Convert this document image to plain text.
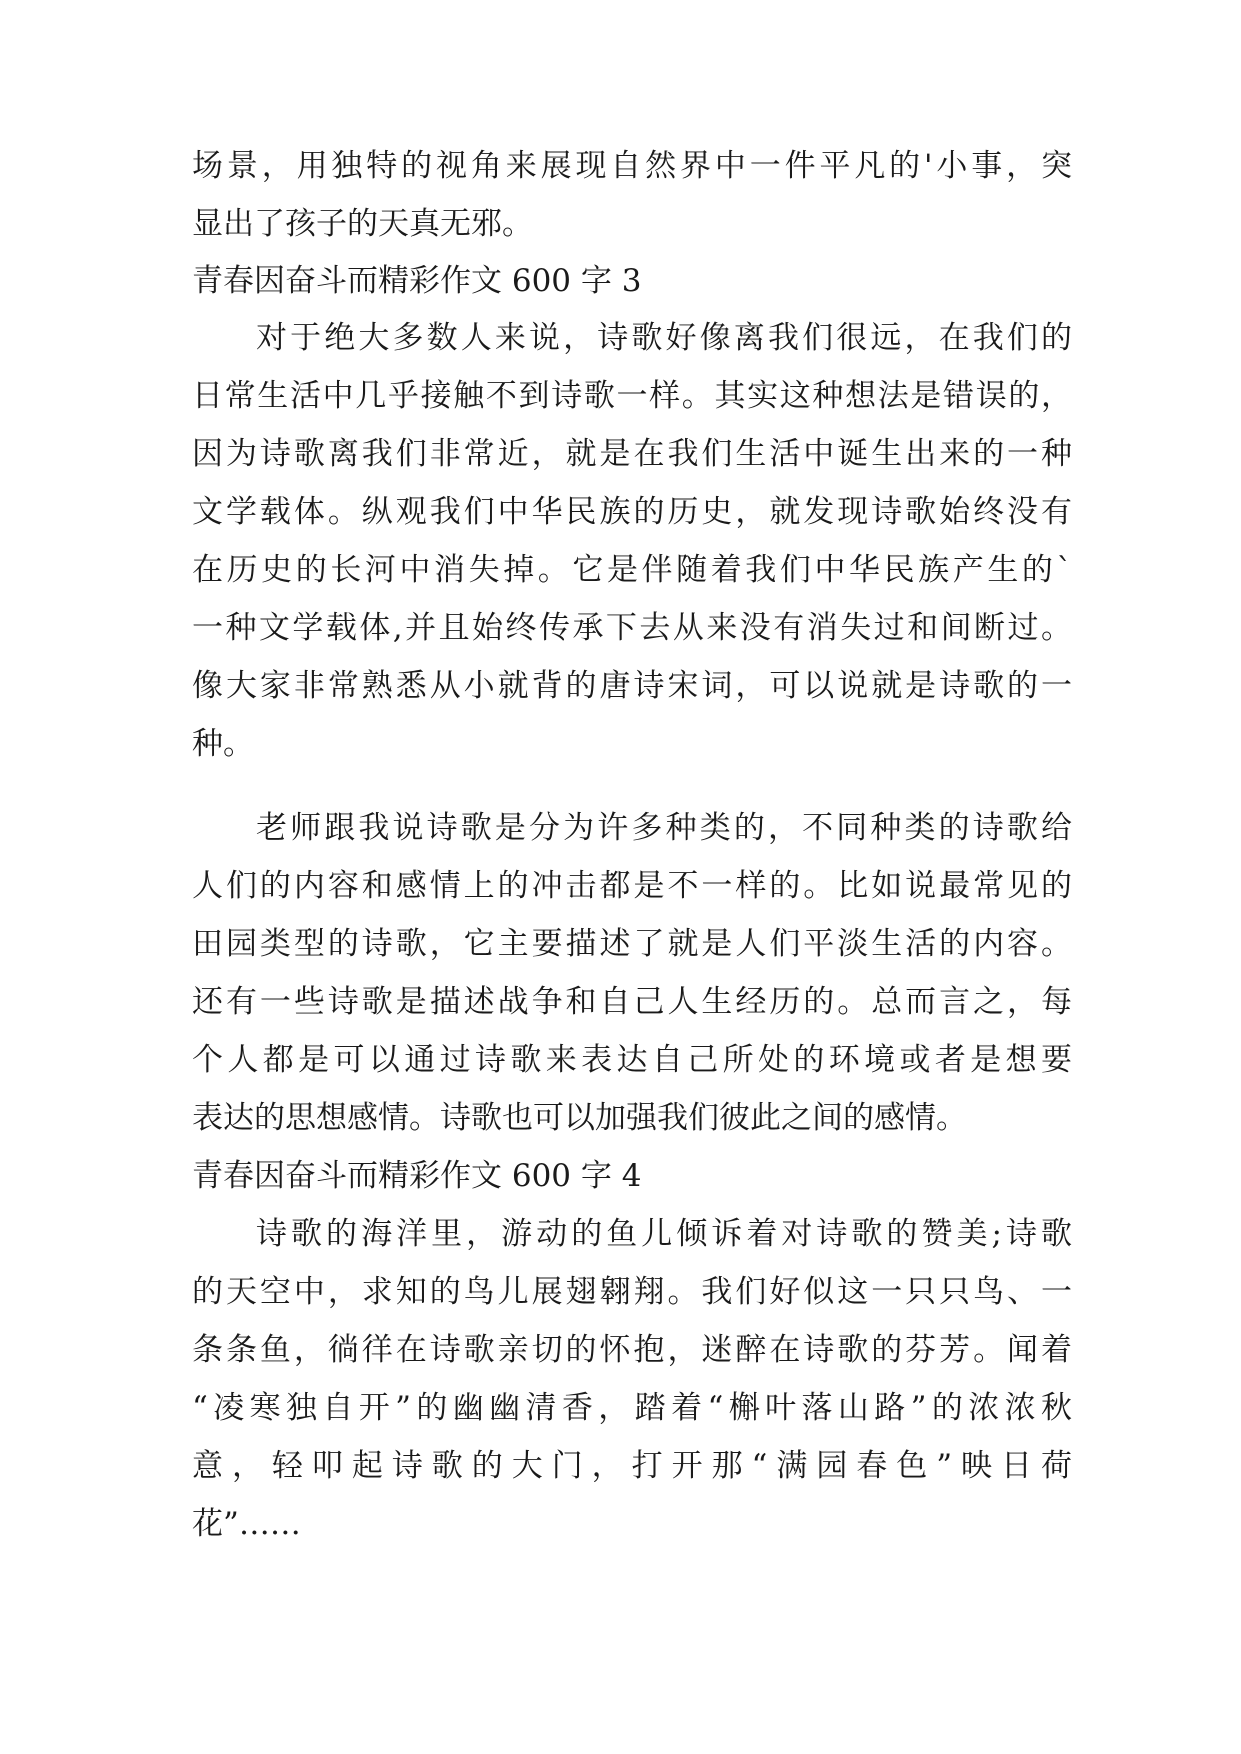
场景，用独特的视角来展现自然界中一件平凡的'小事，突
显出了孩子的天真无邪。
青春因奋斗而精彩作文 600 字 3
对于绝大多数人来说，诗歌好像离我们很远，在我们的
日常生活中几乎接触不到诗歌一样。其实这种想法是错误的，
因为诗歌离我们非常近，就是在我们生活中诞生出来的一种
文学载体。纵观我们中华民族的历史，就发现诗歌始终没有
在历史的长河中消失掉。它是伴随着我们中华民族产生的`
一种文学载体,并且始终传承下去从来没有消失过和间断过。
像大家非常熟悉从小就背的唐诗宋词，可以说就是诗歌的一
种。
老师跟我说诗歌是分为许多种类的，不同种类的诗歌给
人们的内容和感情上的冲击都是不一样的。比如说最常见的
田园类型的诗歌，它主要描述了就是人们平淡生活的内容。
还有一些诗歌是描述战争和自己人生经历的。总而言之，每
个人都是可以通过诗歌来表达自己所处的环境或者是想要
表达的思想感情。诗歌也可以加强我们彼此之间的感情。
青春因奋斗而精彩作文 600 字 4
诗歌的海洋里，游动的鱼儿倾诉着对诗歌的赞美;诗歌
的天空中，求知的鸟儿展翅翱翔。我们好似这一只只鸟、一
条条鱼，徜徉在诗歌亲切的怀抱，迷醉在诗歌的芬芳。闻着
“凌寒独自开”的幽幽清香，踏着“槲叶落山路”的浓浓秋
意，轻叩起诗歌的大门，打开那“满园春色”映日荷
花”……
